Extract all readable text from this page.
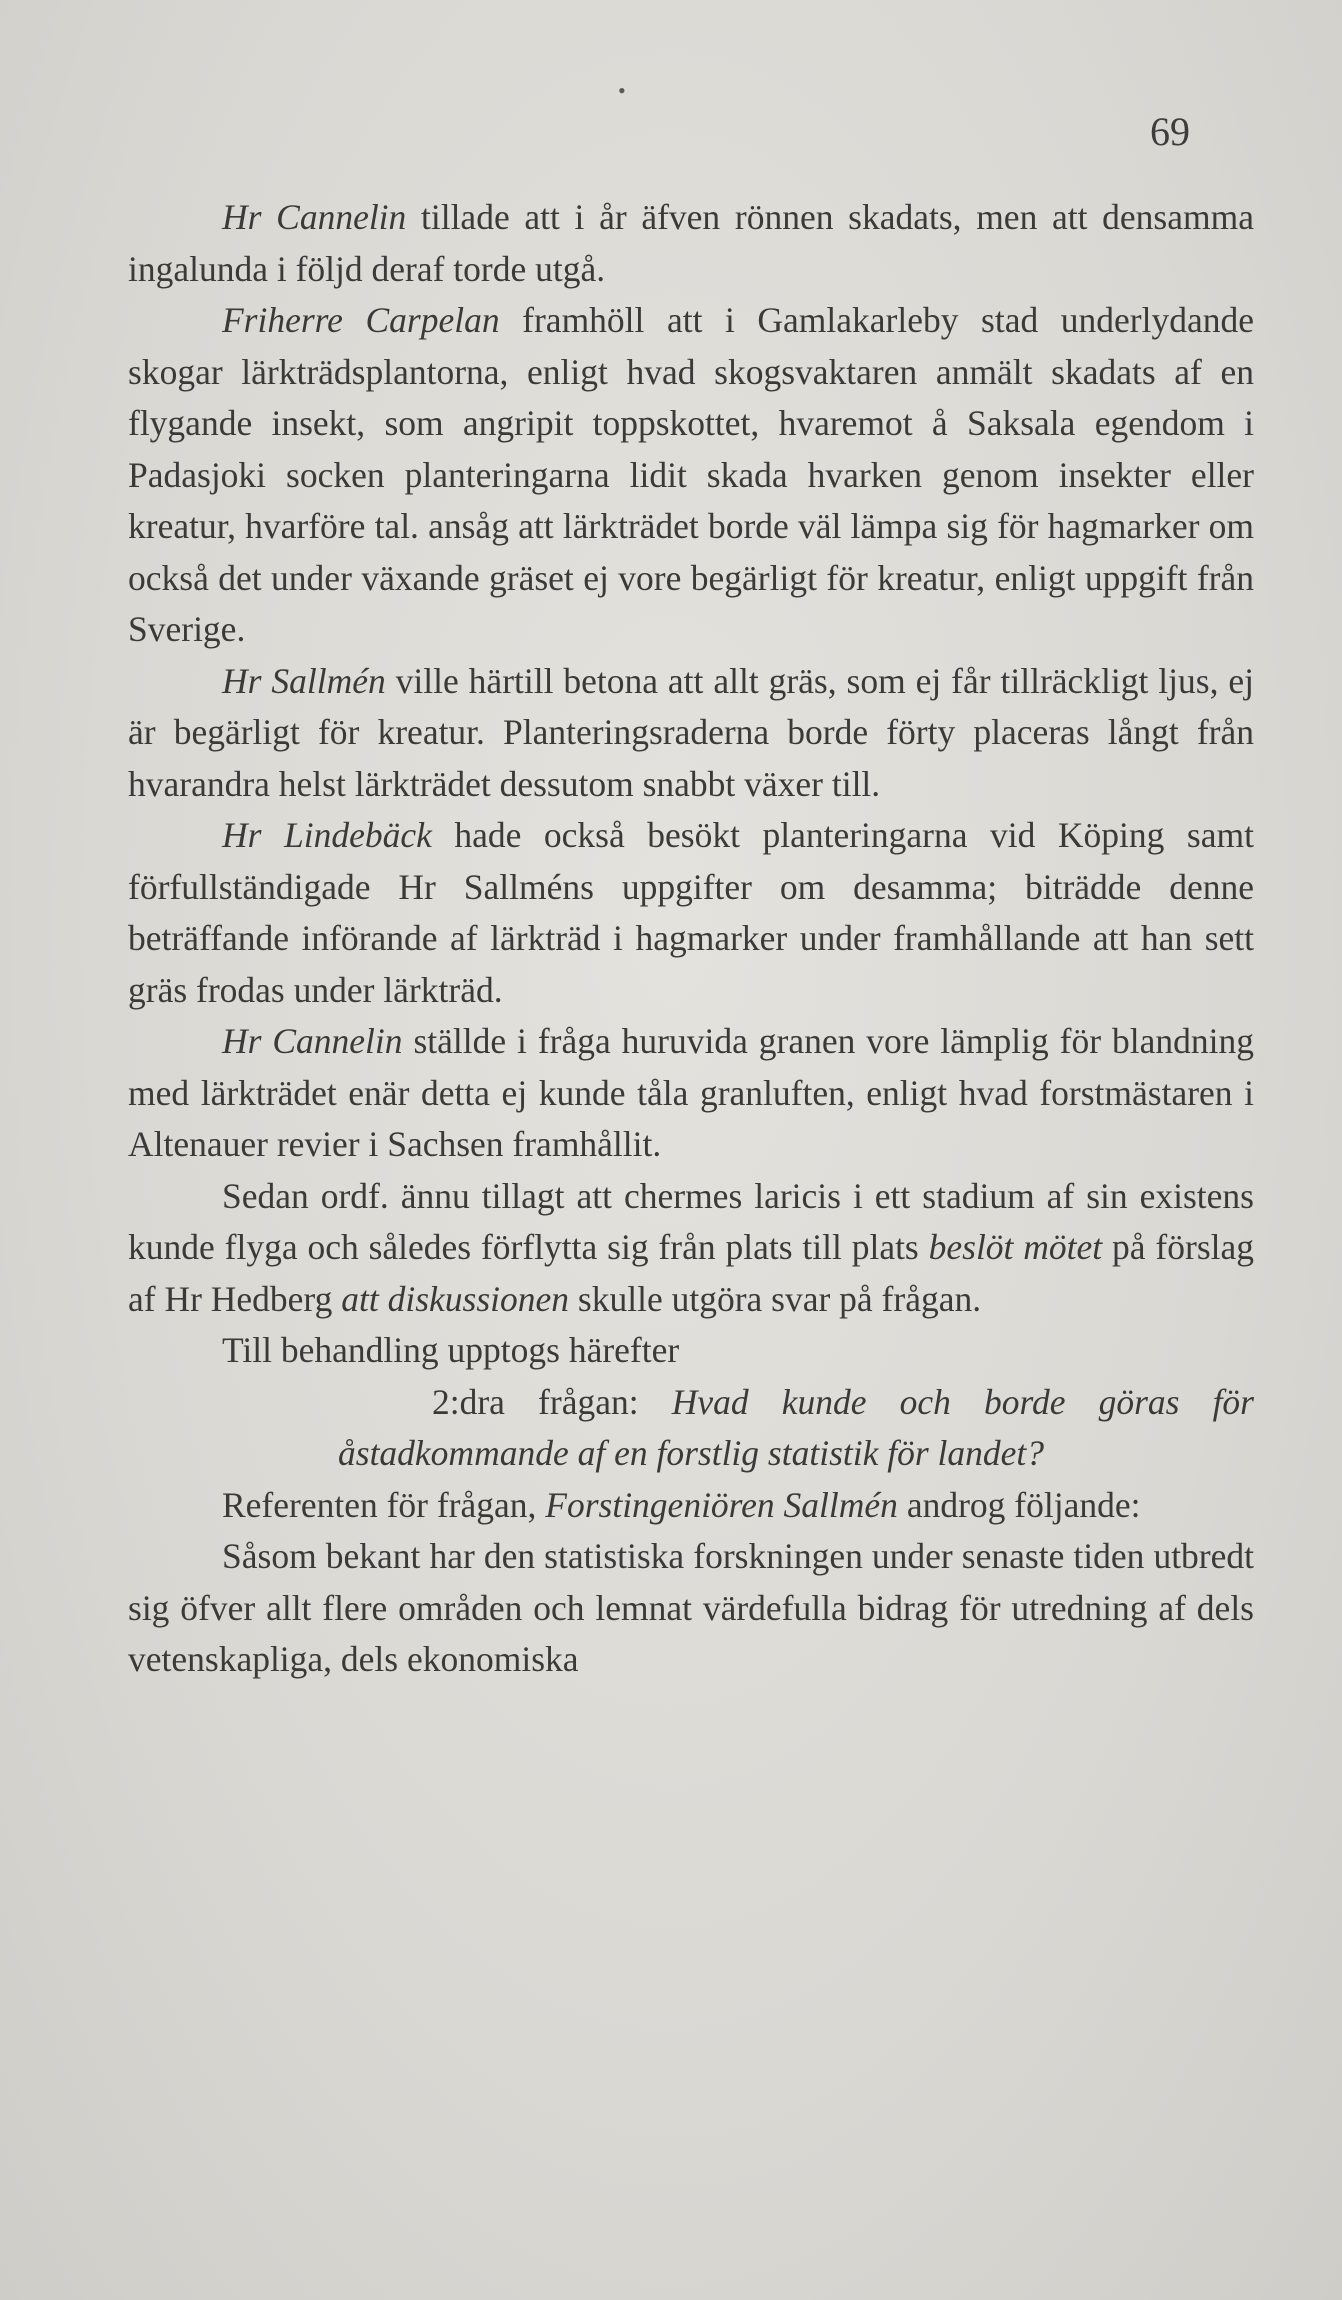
•
69

Hr Cannelin tillade att i år äfven rönnen skadats, men att densamma ingalunda i följd deraf torde utgå.

Friherre Carpelan framhöll att i Gamlakarleby stad underlydande skogar lärkträdsplantorna, enligt hvad skogsvaktaren anmält skadats af en flygande insekt, som angripit toppskottet, hvaremot å Saksala egendom i Padasjoki socken planteringarna lidit skada hvarken genom insekter eller kreatur, hvarföre tal. ansåg att lärkträdet borde väl lämpa sig för hagmarker om också det under växande gräset ej vore begärligt för kreatur, enligt uppgift från Sverige.

Hr Sallmén ville härtill betona att allt gräs, som ej får tillräckligt ljus, ej är begärligt för kreatur. Planteringsraderna borde förty placeras långt från hvarandra helst lärkträdet dessutom snabbt växer till.

Hr Lindebäck hade också besökt planteringarna vid Köping samt förfullständigade Hr Sallméns uppgifter om desamma; biträdde denne beträffande införande af lärkträd i hagmarker under framhållande att han sett gräs frodas under lärkträd.

Hr Cannelin ställde i fråga huruvida granen vore lämplig för blandning med lärkträdet enär detta ej kunde tåla granluften, enligt hvad forstmästaren i Altenauer revier i Sachsen framhållit.

Sedan ordf. ännu tillagt att chermes laricis i ett stadium af sin existens kunde flyga och således förflytta sig från plats till plats beslöt mötet på förslag af Hr Hedberg att diskussionen skulle utgöra svar på frågan.

Till behandling upptogs härefter

2:dra frågan: Hvad kunde och borde göras för åstadkommande af en forstlig statistik för landet?

Referenten för frågan, Forstingeniören Sallmén androg följande:

Såsom bekant har den statistiska forskningen under senaste tiden utbredt sig öfver allt flere områden och lemnat värdefulla bidrag för utredning af dels vetenskapliga, dels ekonomiska
